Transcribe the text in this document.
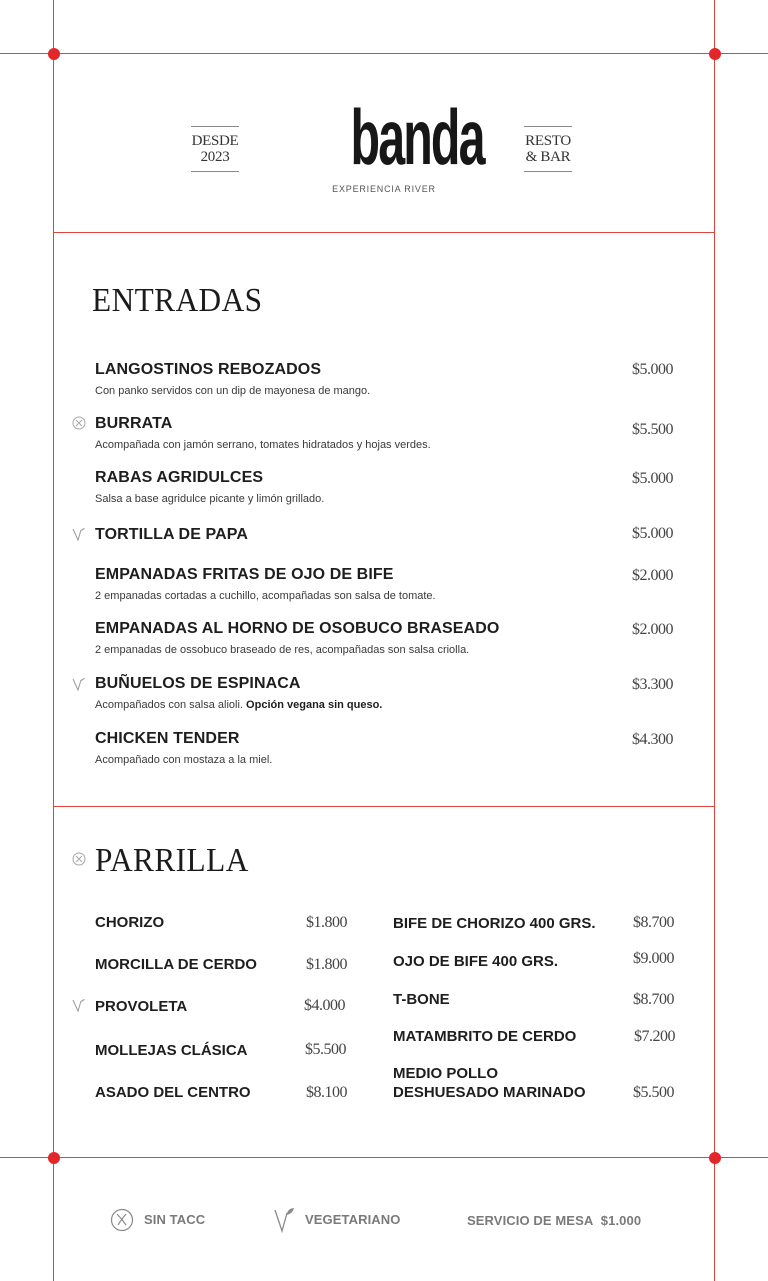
DESDE
2023 banda
EXPERIENCIA RIVER
RESTO
& BAR
ENTRADAS
LANGOSTINOS REBOZADOS
Con panko servidos con un dip de mayonesa de mango.
$5.000
BURRATA
Acompañada con jamón serrano, tomates hidratados y hojas verdes.
$5.500
RABAS AGRIDULCES
Salsa a base agridulce picante y limón grillado.
$5.000
TORTILLA DE PAPA	$5.000
EMPANADAS FRITAS DE OJO DE BIFE
2 empanadas cortadas a cuchillo, acompañadas son salsa de tomate.
$2.000
EMPANADAS AL HORNO DE OSOBUCO BRASEADO
2 empanadas de ossobuco braseado de res, acompañadas son salsa criolla.
$2.000
BUÑUELOS DE ESPINACA
Acompañados con salsa alioli. Opción vegana sin queso.
$3.300
CHICKEN TENDER
Acompañado con mostaza a la miel.
$4.300
PARRILLA
CHORIZO	$1.800
MORCILLA DE CERDO	$1.800
PROVOLETA	$4.000
MOLLEJAS CLÁSICA	$5.500
ASADO DEL CENTRO	$8.100
BIFE DE CHORIZO 400 GRS. $8.700
OJO DE BIFE 400 GRS.	$9.000
T-BONE	$8.700
MATAMBRITO DE CERDO	$7.200
MEDIO POLLO
DESHUESADO MARINADO	$5.500
SIN TACC	VEGETARIANO	SERVICIO DE MESA $1.000
